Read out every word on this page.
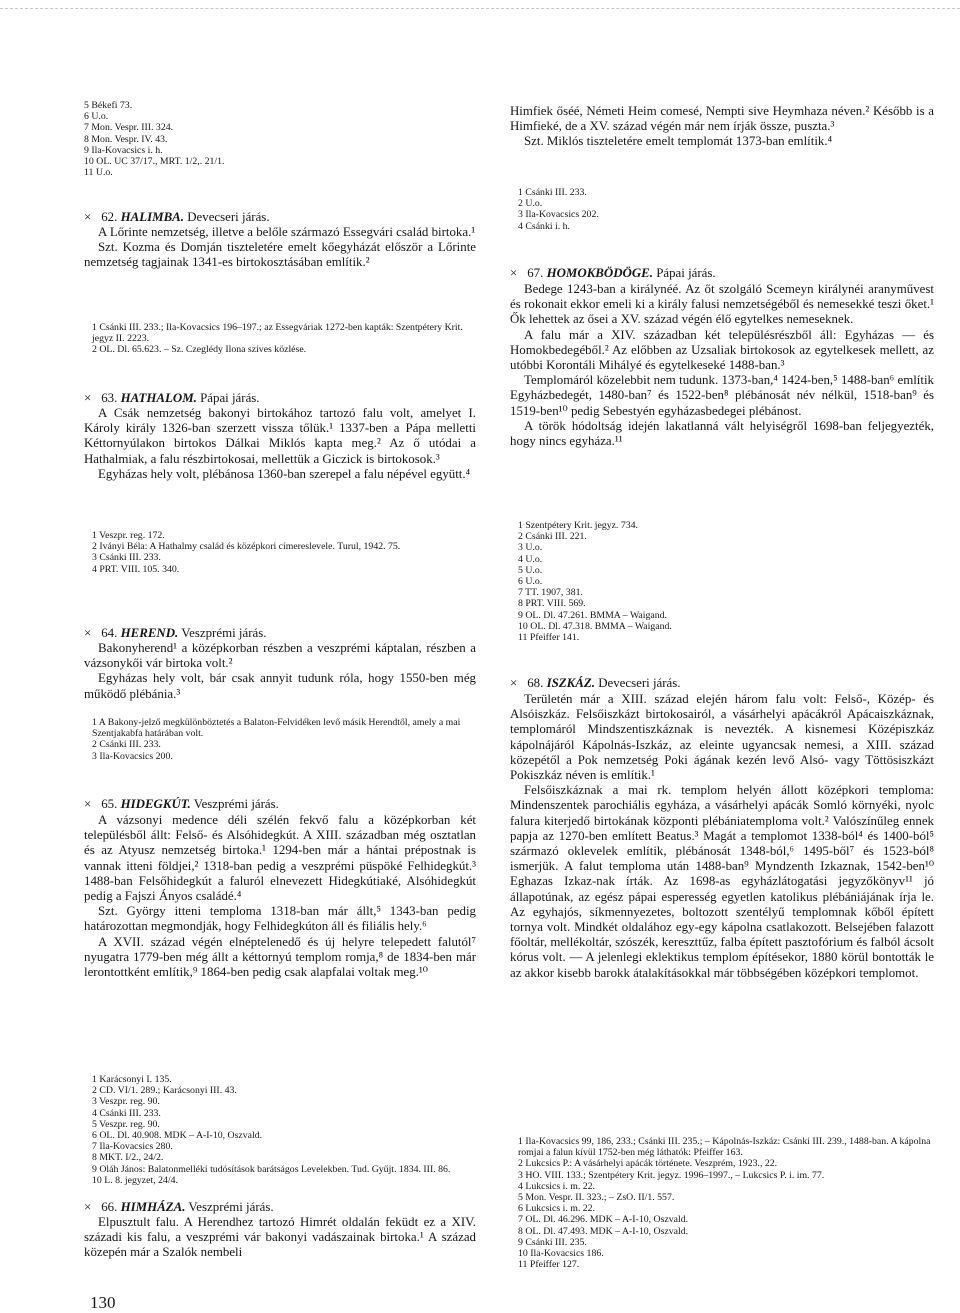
5 Békefi 73.
6 U.o.
7 Mon. Vespr. III. 324.
8 Mon. Vespr. IV. 43.
9 Ila-Kovacsics i. h.
10 OL. UC 37/17., MRT. 1/2,. 21/1.
11 U.o.
× 62. HALIMBA. Devecseri járás.

A Lőrinte nemzetség, illetve a belőle származó Essegvári család birtoka.¹

Szt. Kozma és Domján tiszteletére emelt kőegyházát először a Lőrinte nemzetség tagjainak 1341-es birtokosztásában említik.²

1 Csánki III. 233.; Ila-Kovacsics 196–197.; az Essegváriak 1272-ben kapták: Szentpétery Krit. jegyz II. 2223.
2 OL. Dl. 65.623. – Sz. Czeglédy Ilona szíves közlése.
× 63. HATHALOM. Pápai járás.

A Csák nemzetség bakonyi birtokához tartozó falu volt, amelyet I. Károly király 1326-ban szerzett vissza tőlük.¹ 1337-ben a Pápa melletti Kéttornyúlakon birtokos Dálkai Miklós kapta meg.² Az ő utódai a Hathalmiak, a falu részbirtokosai, mellettük a Giczick is birtokosok.³

Egyházas hely volt, plébánosa 1360-ban szerepel a falu népével együtt.⁴

1 Veszpr. reg. 172.
2 Iványi Béla: A Hathalmy család és középkori címereslevele. Turul, 1942. 75.
3 Csánki III. 233.
4 PRT. VIII. 105. 340.
× 64. HEREND. Veszprémi járás.

Bakonyherend¹ a középkorban részben a veszprémi káptalan, részben a vázsonykői vár birtoka volt.²

Egyházas hely volt, bár csak annyit tudunk róla, hogy 1550-ben még működő plébánia.³

1 A Bakony-jelző megkülönböztetés a Balaton-Felvidéken levő másik Herendtől, amely a mai Szentjakabfa határában volt.
2 Csánki III. 233.
3 Ila-Kovacsics 200.
× 65. HIDEGKÚT. Veszprémi járás.

A vázsonyi medence déli szélén fekvő falu a középkorban két településből állt: Felső- és Alsóhidegkút. A XIII. században még osztatlan és az Atyusz nemzetség birtoka.¹ 1294-ben már a hántai prépostnak is vannak itteni földjei,² 1318-ban pedig a veszprémi püspöké Felhidegkút.³ 1488-ban Felsőhidegkút a faluról elnevezett Hidegkútiaké, Alsóhidegkút pedig a Fajszi Ányos családé.⁴

Szt. György itteni temploma 1318-ban már állt,⁵ 1343-ban pedig határozottan megmondják, hogy Felhidegkúton áll és filiális hely.⁶

A XVII. század végén elnéptelenedő és új helyre telepedett falutól⁷ nyugatra 1779-ben még állt a kéttornyú templom romja,⁸ de 1834-ben már lerontottként említik,⁹ 1864-ben pedig csak alapfalai voltak meg.¹⁰

1 Karácsonyi I. 135.
2 CD. VI/1. 289.; Karácsonyi III. 43.
3 Veszpr. reg. 90.
4 Csánki III. 233.
5 Veszpr. reg. 90.
6 OL. Dl. 40.908. MDK – A-I-10, Oszvald.
7 Ila-Kovacsics 280.
8 MKT. I/2., 24/2.
9 Oláh János: Balatonmelléki tudósítások barátságos Levelekben. Tud. Gyűjt. 1834. III. 86.
10 L. 8. jegyzet, 24/4.
× 66. HIMHÁZA. Veszprémi járás.

Elpusztult falu. A Herendhez tartozó Himrét oldalán feküdt ez a XIV. századi kis falu, a veszprémi vár bakonyi vadászainak birtoka.¹ A század közepén már a Szalók nembeli

130

Himfiek őséé, Németi Heim comesé, Nempti sive Heymhaza néven.² Később is a Himfieké, de a XV. század végén már nem írják össze, puszta.³

Szt. Miklós tiszteletére emelt templomát 1373-ban említik.⁴

1 Csánki III. 233.
2 U.o.
3 Ila-Kovacsics 202.
4 Csánki i. h.
× 67. HOMOKBÖDÖGE. Pápai járás.

Bedege 1243-ban a királynéé. Az őt szolgáló Scemeyn királynéi aranyművest és rokonait ekkor emeli ki a király falusi nemzetségéből és nemesekké teszi őket.¹ Ők lehettek az ősei a XV. század végén élő egytelkes nemeseknek.

A falu már a XIV. században két településrészből áll: Egyházas — és Homokbedegéből.² Az előbben az Uzsaliak birtokosok az egytelkesek mellett, az utóbbi Korontáli Mihályé és egytelkeseké 1488-ban.³

Templomáról közelebbit nem tudunk. 1373-ban,⁴ 1424-ben,⁵ 1488-ban⁶ említik Egyházbedegét, 1480-ban⁷ és 1522-ben⁸ plébánosát név nélkül, 1518-ban⁹ és 1519-ben¹⁰ pedig Sebestyén egyházasbedegei plébánost.

A török hódoltság idején lakatlanná vált helyiségről 1698-ban feljegyezték, hogy nincs egyháza.¹¹

1 Szentpétery Krit. jegyz. 734.
2 Csánki III. 221.
3 U.o.
4 U.o.
5 U.o.
6 U.o.
7 TT. 1907, 381.
8 PRT. VIII. 569.
9 OL. Dl. 47.261. BMMA – Waigand.
10 OL. Dl. 47.318. BMMA – Waigand.
11 Pfeiffer 141.
× 68. ISZKÁZ. Devecseri járás.

Területén már a XIII. század elején három falu volt: Felső-, Közép- és Alsóiszkáz. Felsőiszkázt birtokosairól, a vásárhelyi apácákról Apácaiszkáznak, templomáról Mindszentiszkáznak is nevezték. A kisnemesi Középiszkáz kápolnájáról Kápolnás-Iszkáz, az eleinte ugyancsak nemesi, a XIII. század közepétől a Pok nemzetség Poki ágának kezén levő Alsó- vagy Töttösiszkázt Pokiszkáz néven is említik.¹

Felsőiszkáznak a mai rk. templom helyén állott középkori temploma: Mindenszentek parochiális egyháza, a vásárhelyi apácák Somló környéki, nyolc falura kiterjedő birtokának központi plébániatemploma volt.² Valószínűleg ennek papja az 1270-ben említett Beatus.³ Magát a templomot 1338-ból⁴ és 1400-ból⁵ származó oklevelek említik, plébánosát 1348-ból,⁶ 1495-ből⁷ és 1523-ból⁸ ismerjük. A falut temploma után 1488-ban⁹ Myndzenth Izkaznak, 1542-ben¹⁰ Eghazas Izkaz-nak írták. Az 1698-as egyházlátogatási jegyzőkönyv¹¹ jó állapotúnak, az egész pápai esperesség egyetlen katolikus plébániájának írja le. Az egyhajós, síkmennyezetes, boltozott szentélyű templomnak kőből épített tornya volt. Mindkét oldalához egy-egy kápolna csatlakozott. Belsejében falazott főoltár, mellékoltár, szószék, kereszttűz, falba épített pasztofórium és falból ácsolt kórus volt. — A jelenlegi eklektikus templom építésekor, 1880 körül bontották le az akkor kisebb barokk átalakításokkal már többségében középkori templomot.

1 Ila-Kovacsics 99, 186, 233.; Csánki III. 235.; – Kápolnás-Iszkáz: Csánki III. 239., 1488-ban. A kápolna romjai a falun kívül 1752-ben még láthatók: Pfeiffer 163.
2 Lukcsics P.: A vásárhelyi apácák története. Veszprém, 1923., 22.
3 HO. VIII. 133.; Szentpétery Krit. jegyz. 1996–1997., – Lukcsics P. i. im. 77.
4 Lukcsics i. m. 22.
5 Mon. Vespr. II. 323.; – ZsO. II/1. 557.
6 Lukcsics i. m. 22.
7 OL. Dl. 46.296. MDK – A-I-10, Oszvald.
8 OL. Dl. 47.493. MDK – A-I-10, Oszvald.
9 Csánki III. 235.
10 Ila-Kovacsics 186.
11 Pfeiffer 127.
